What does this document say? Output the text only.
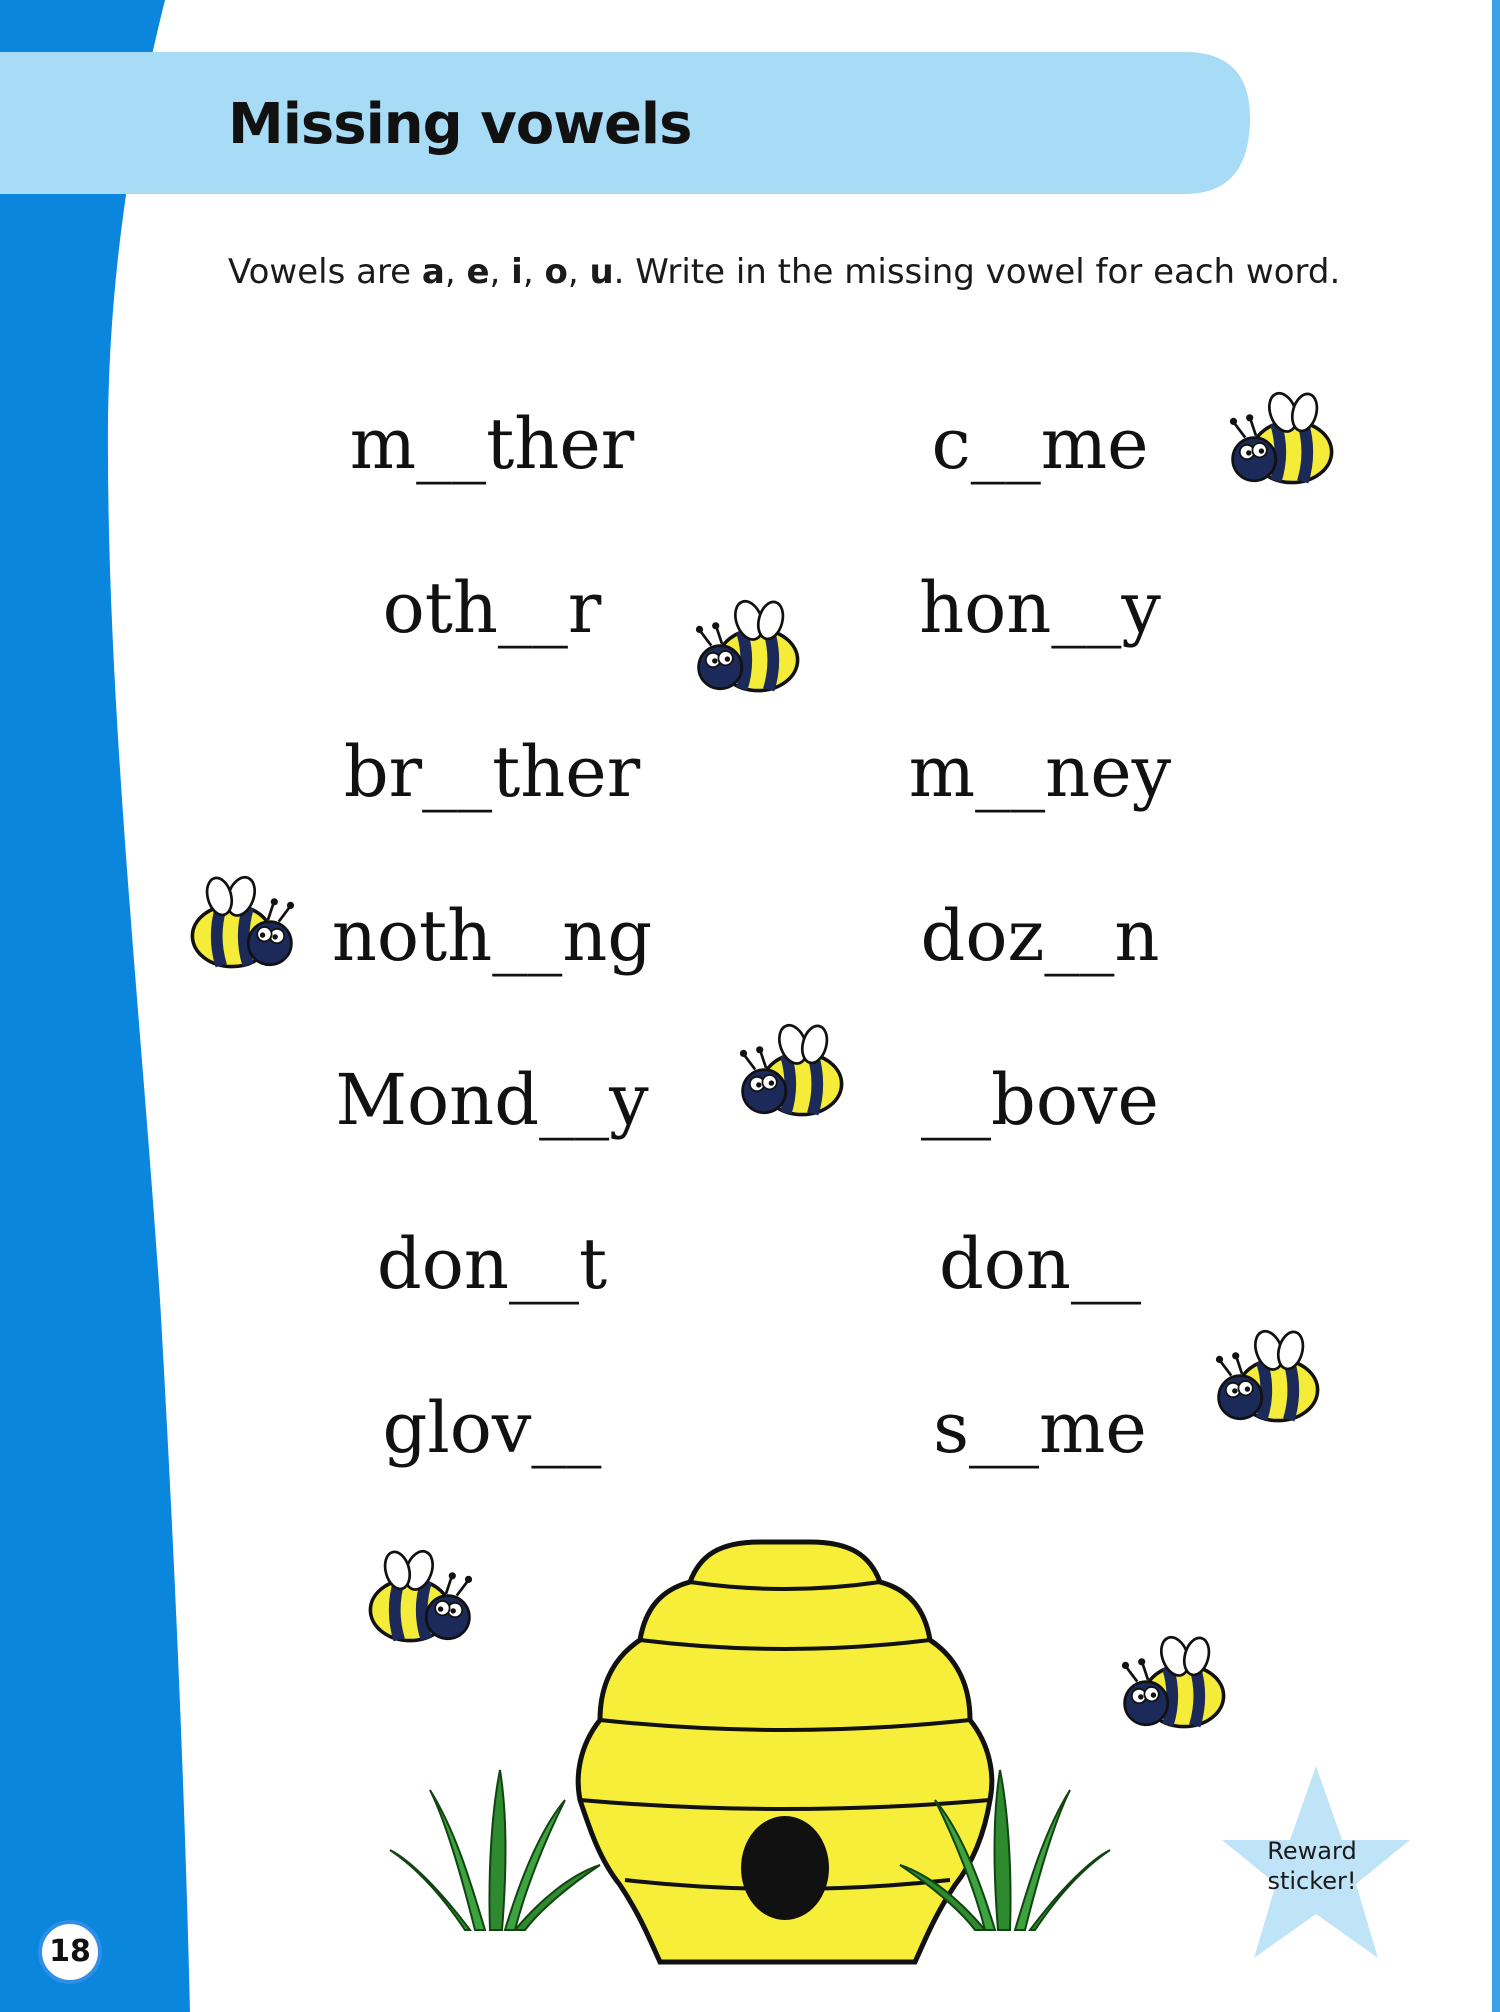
Missing vowels
Vowels are a, e, i, o, u. Write in the missing vowel for each word.
m__ther
oth__r
br__ther
noth__ng
Mond__y
don__t
glov__
c__me
hon__y
m__ney
doz__n
__bove
don__
s__me
18
Reward
sticker!
